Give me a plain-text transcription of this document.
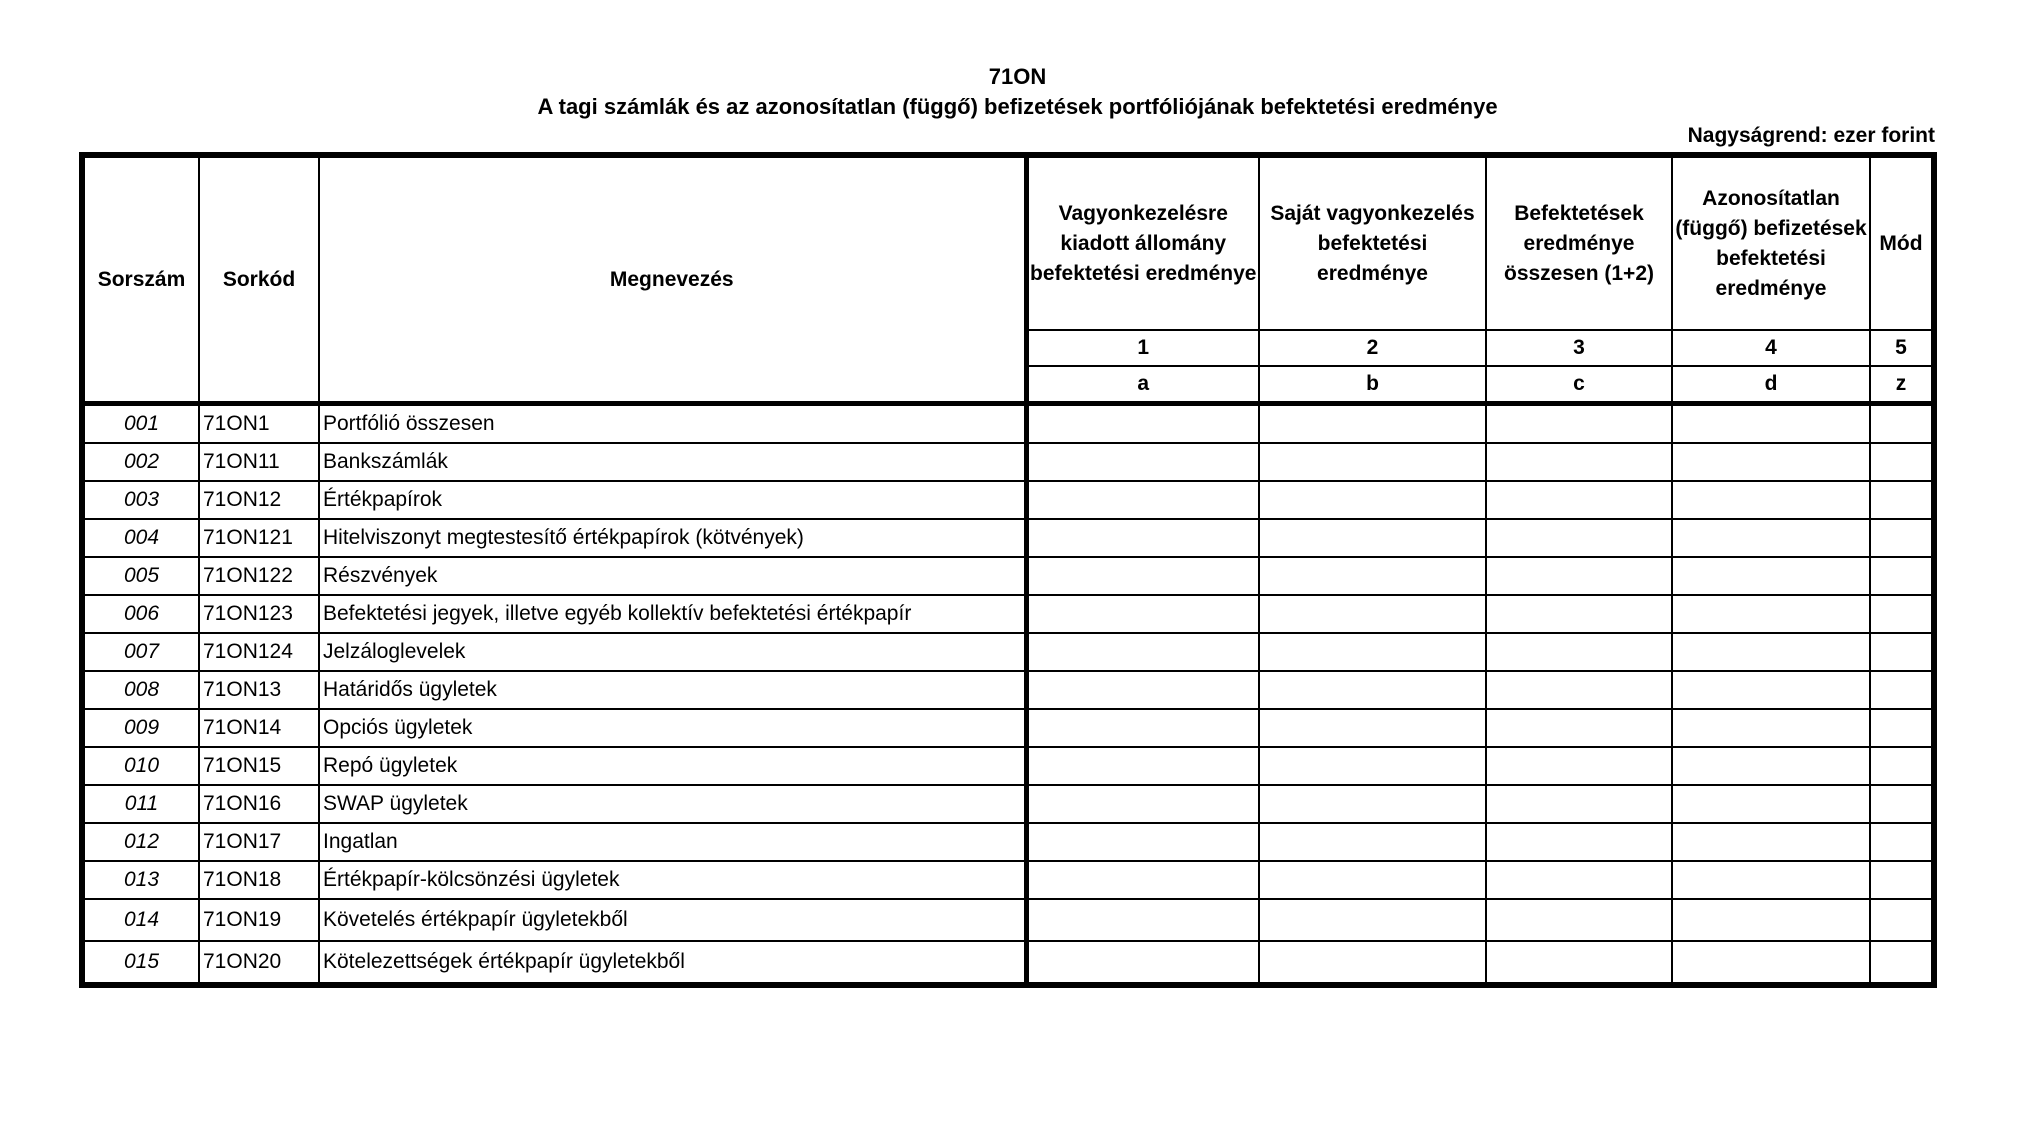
71ON
A tagi számlák és az azonosítatlan (függő) befizetések portfóliójának befektetési eredménye
Nagyságrend: ezer forint
Sorszám	Sorkód	Megnevezés	Vagyonkezelésre kiadott állomány befektetési eredménye	Saját vagyonkezelés befektetési eredménye	Befektetések eredménye összesen (1+2)	Azonosítatlan (függő) befizetések befektetési eredménye	Mód
			1	2	3	4	5
			a	b	c	d	z
001	71ON1	Portfólió összesen					
002	71ON11	Bankszámlák					
003	71ON12	Értékpapírok					
004	71ON121	Hitelviszonyt megtestesítő értékpapírok (kötvények)					
005	71ON122	Részvények					
006	71ON123	Befektetési jegyek, illetve egyéb kollektív befektetési értékpapír					
007	71ON124	Jelzáloglevelek					
008	71ON13	Határidős ügyletek					
009	71ON14	Opciós ügyletek					
010	71ON15	Repó ügyletek					
011	71ON16	SWAP ügyletek					
012	71ON17	Ingatlan					
013	71ON18	Értékpapír-kölcsönzési ügyletek					
014	71ON19	Követelés értékpapír ügyletekből					
015	71ON20	Kötelezettségek értékpapír ügyletekből					
